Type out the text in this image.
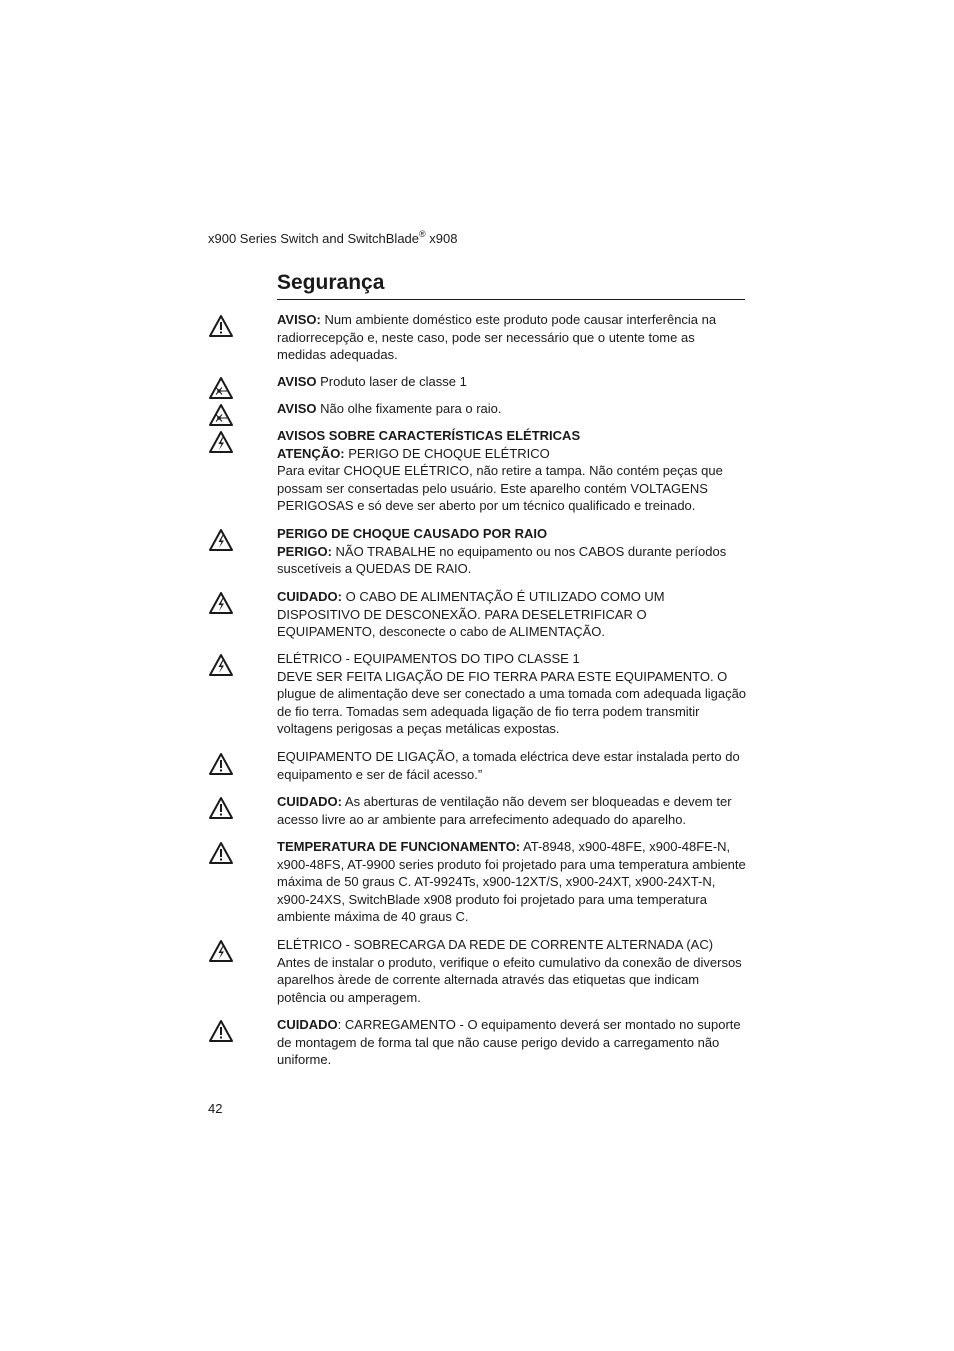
x900 Series Switch and SwitchBlade® x908
Segurança

AVISO: Num ambiente doméstico este produto pode causar interferência na radiorrecepção e, neste caso, pode ser necessário que o utente tome as medidas adequadas.

AVISO Produto laser de classe 1

AVISO Não olhe fixamente para o raio.

AVISOS SOBRE CARACTERÍSTICAS ELÉTRICAS

ATENÇÃO: PERIGO DE CHOQUE ELÉTRICO

Para evitar CHOQUE ELÉTRICO, não retire a tampa. Não contém peças que possam ser consertadas pelo usuário. Este aparelho contém VOLTAGENS PERIGOSAS e só deve ser aberto por um técnico qualificado e treinado.

PERIGO DE CHOQUE CAUSADO POR RAIO

PERIGO: NÃO TRABALHE no equipamento ou nos CABOS durante períodos suscetíveis a QUEDAS DE RAIO.

CUIDADO: O CABO DE ALIMENTAÇÃO É UTILIZADO COMO UM DISPOSITIVO DE DESCONEXÃO. PARA DESELETRIFICAR O EQUIPAMENTO, desconecte o cabo de ALIMENTAÇÃO.

ELÉTRICO - EQUIPAMENTOS DO TIPO CLASSE 1

DEVE SER FEITA LIGAÇÃO DE FIO TERRA PARA ESTE EQUIPAMENTO. O plugue de alimentação deve ser conectado a uma tomada com adequada ligação de fio terra. Tomadas sem adequada ligação de fio terra podem transmitir voltagens perigosas a peças metálicas expostas.

EQUIPAMENTO DE LIGAÇÃO, a tomada eléctrica deve estar instalada perto do equipamento e ser de fácil acesso.”

CUIDADO: As aberturas de ventilação não devem ser bloqueadas e devem ter acesso livre ao ar ambiente para arrefecimento adequado do aparelho.

TEMPERATURA DE FUNCIONAMENTO: AT-8948, x900-48FE, x900-48FE-N, x900-48FS, AT-9900 series produto foi projetado para uma temperatura ambiente máxima de 50 graus C. AT-9924Ts, x900-12XT/S, x900-24XT, x900-24XT-N, x900-24XS, SwitchBlade x908 produto foi projetado para uma temperatura ambiente máxima de 40 graus C.

ELÉTRICO - SOBRECARGA DA REDE DE CORRENTE ALTERNADA (AC)

Antes de instalar o produto, verifique o efeito cumulativo da conexão de diversos aparelhos àrede de corrente alternada através das etiquetas que indicam potência ou amperagem.

CUIDADO: CARREGAMENTO - O equipamento deverá ser montado no suporte de montagem de forma tal que não cause perigo devido a carregamento não uniforme.

42
